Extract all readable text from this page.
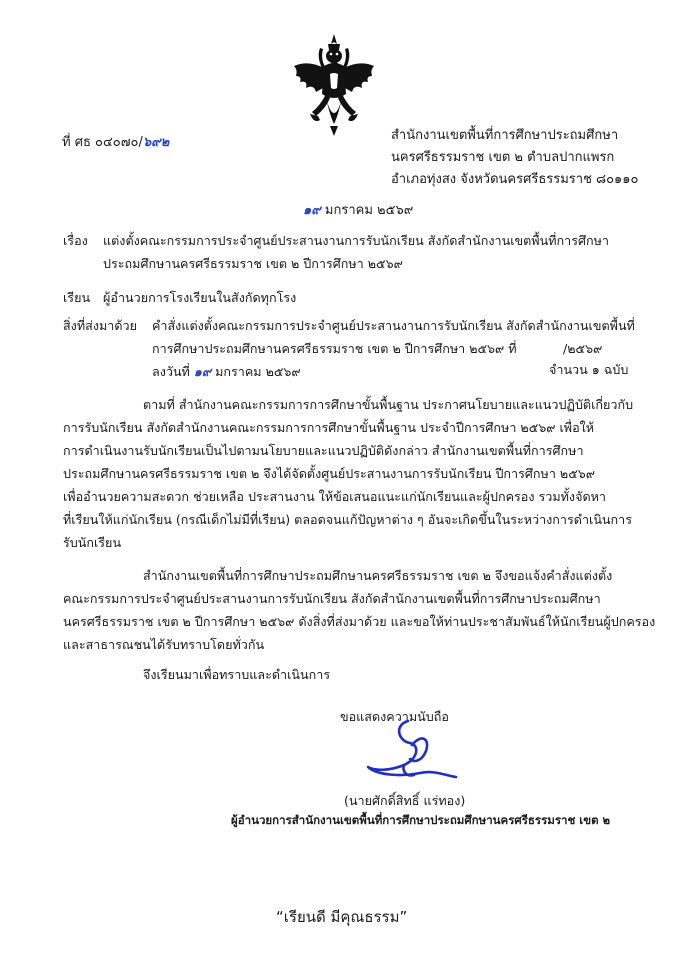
ที่ ศธ ๐๔๐๗๐/๖๙๒	สำนักงานเขตพื้นที่การศึกษาประถมศึกษา
นครศรีธรรมราช เขต ๒ ตำบลปากแพรก
อำเภอทุ่งสง จังหวัดนครศรีธรรมราช ๘๐๑๑๐
๑๙ มกราคม ๒๕๖๙
เรื่อง แต่งตั้งคณะกรรมการประจำศูนย์ประสานงานการรับนักเรียน สังกัดสำนักงานเขตพื้นที่การศึกษา
ประถมศึกษานครศรีธรรมราช เขต ๒ ปีการศึกษา ๒๕๖๙
เรียน ผู้อำนวยการโรงเรียนในสังกัดทุกโรง
สิ่งที่ส่งมาด้วย คำสั่งแต่งตั้งคณะกรรมการประจำศูนย์ประสานงานการรับนักเรียน สังกัดสำนักงานเขตพื้นที่
การศึกษาประถมศึกษานครศรีธรรมราช เขต ๒ ปีการศึกษา ๒๕๖๙ ที่	/๒๕๖๙
ลงวันที่ ๑๙ มกราคม ๒๕๖๙	จำนวน ๑ ฉบับ
ตามที่ สำนักงานคณะกรรมการการศึกษาขั้นพื้นฐาน ประกาศนโยบายและแนวปฏิบัติเกี่ยวกับ
การรับนักเรียน สังกัดสำนักงานคณะกรรมการการศึกษาขั้นพื้นฐาน ประจำปีการศึกษา ๒๕๖๙ เพื่อให้
การดำเนินงานรับนักเรียนเป็นไปตามนโยบายและแนวปฏิบัติดังกล่าว สำนักงานเขตพื้นที่การศึกษา
ประถมศึกษานครศรีธรรมราช เขต ๒ จึงได้จัดตั้งศูนย์ประสานงานการรับนักเรียน ปีการศึกษา ๒๕๖๙
เพื่ออำนวยความสะดวก ช่วยเหลือ ประสานงาน ให้ข้อเสนอแนะแก่นักเรียนและผู้ปกครอง รวมทั้งจัดหา
ที่เรียนให้แก่นักเรียน (กรณีเด็กไม่มีที่เรียน) ตลอดจนแก้ปัญหาต่าง ๆ อันจะเกิดขึ้นในระหว่างการดำเนินการ
รับนักเรียน
สำนักงานเขตพื้นที่การศึกษาประถมศึกษานครศรีธรรมราช เขต ๒ จึงขอแจ้งคำสั่งแต่งตั้ง
คณะกรรมการประจำศูนย์ประสานงานการรับนักเรียน สังกัดสำนักงานเขตพื้นที่การศึกษาประถมศึกษา
นครศรีธรรมราช เขต ๒ ปีการศึกษา ๒๕๖๙ ดังสิ่งที่ส่งมาด้วย และขอให้ท่านประชาสัมพันธ์ให้นักเรียนผู้ปกครอง
และสาธารณชนได้รับทราบโดยทั่วกัน
จึงเรียนมาเพื่อทราบและดำเนินการ
ขอแสดงความนับถือ
(นายศักดิ์สิทธิ์ แร่ทอง)
ผู้อำนวยการสำนักงานเขตพื้นที่การศึกษาประถมศึกษานครศรีธรรมราช เขต ๒
“เรียนดี มีคุณธรรม”
